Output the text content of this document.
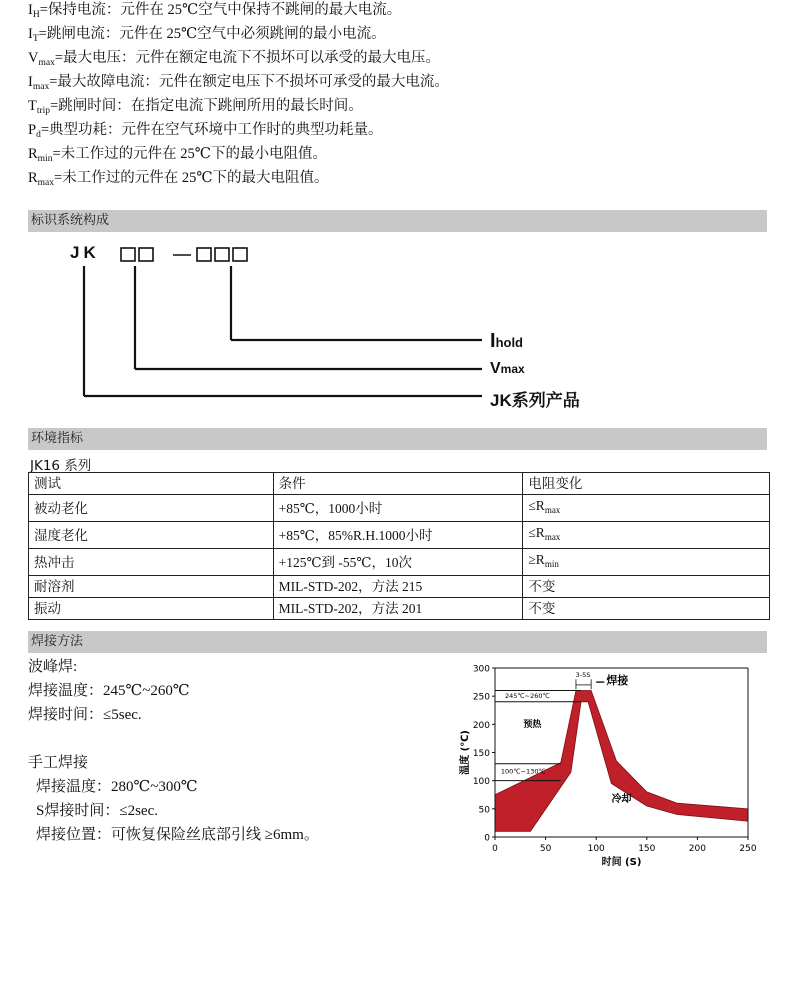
$I_H=$保持电流：元件在 25℃空气中保持不跳闸的最大电流。
$I_T=$跳闸电流：元件在 25℃空气中必须跳闸的最小电流。
$V_{max}=$最大电压：元件在额定电流下不损坏可以承受的最大电压。
$I_{max}=$最大故障电流：元件在额定电压下不损坏可承受的最大电流。
$T_{trip}=$跳闸时间：在指定电流下跳闸所用的最长时间。
$P_d=$典型功耗：元件在空气环境中工作时的典型功耗量。
$R_{min}=$未工作过的元件在 25℃下的最小电阻值。
$R_{max}=$未工作过的元件在 25℃下的最大电阻值。
标识系统构成
环境指标
焊接方法
JK
Ihold
Vmax
JK系列产品
JK16 系列
测试	条件	电阻变化
被动老化	+85℃，1000小时	$\le R_{max}$
湿度老化	+85℃，85%R.H.1000小时	$\le R_{max}$
热冲击	+125℃到 -55℃，10次	$\ge R_{min}$
耐溶剂	MIL-STD-202，方法 215	不变
振动	MIL-STD-202，方法 201	不变
波峰焊:
焊接温度：245℃~260℃
焊接时间：≤5sec.
手工焊接
焊接温度：280℃~300℃
S焊接时间：≤2sec.
焊接位置：可恢复保险丝底部引线 ≥6mm。	0
50
100
150
200
250
300
0	50	100	150	200	250
时间 (S)
温度 (℃)
245℃~260℃
100℃~130℃
预热
3-5S 焊接
冷却
